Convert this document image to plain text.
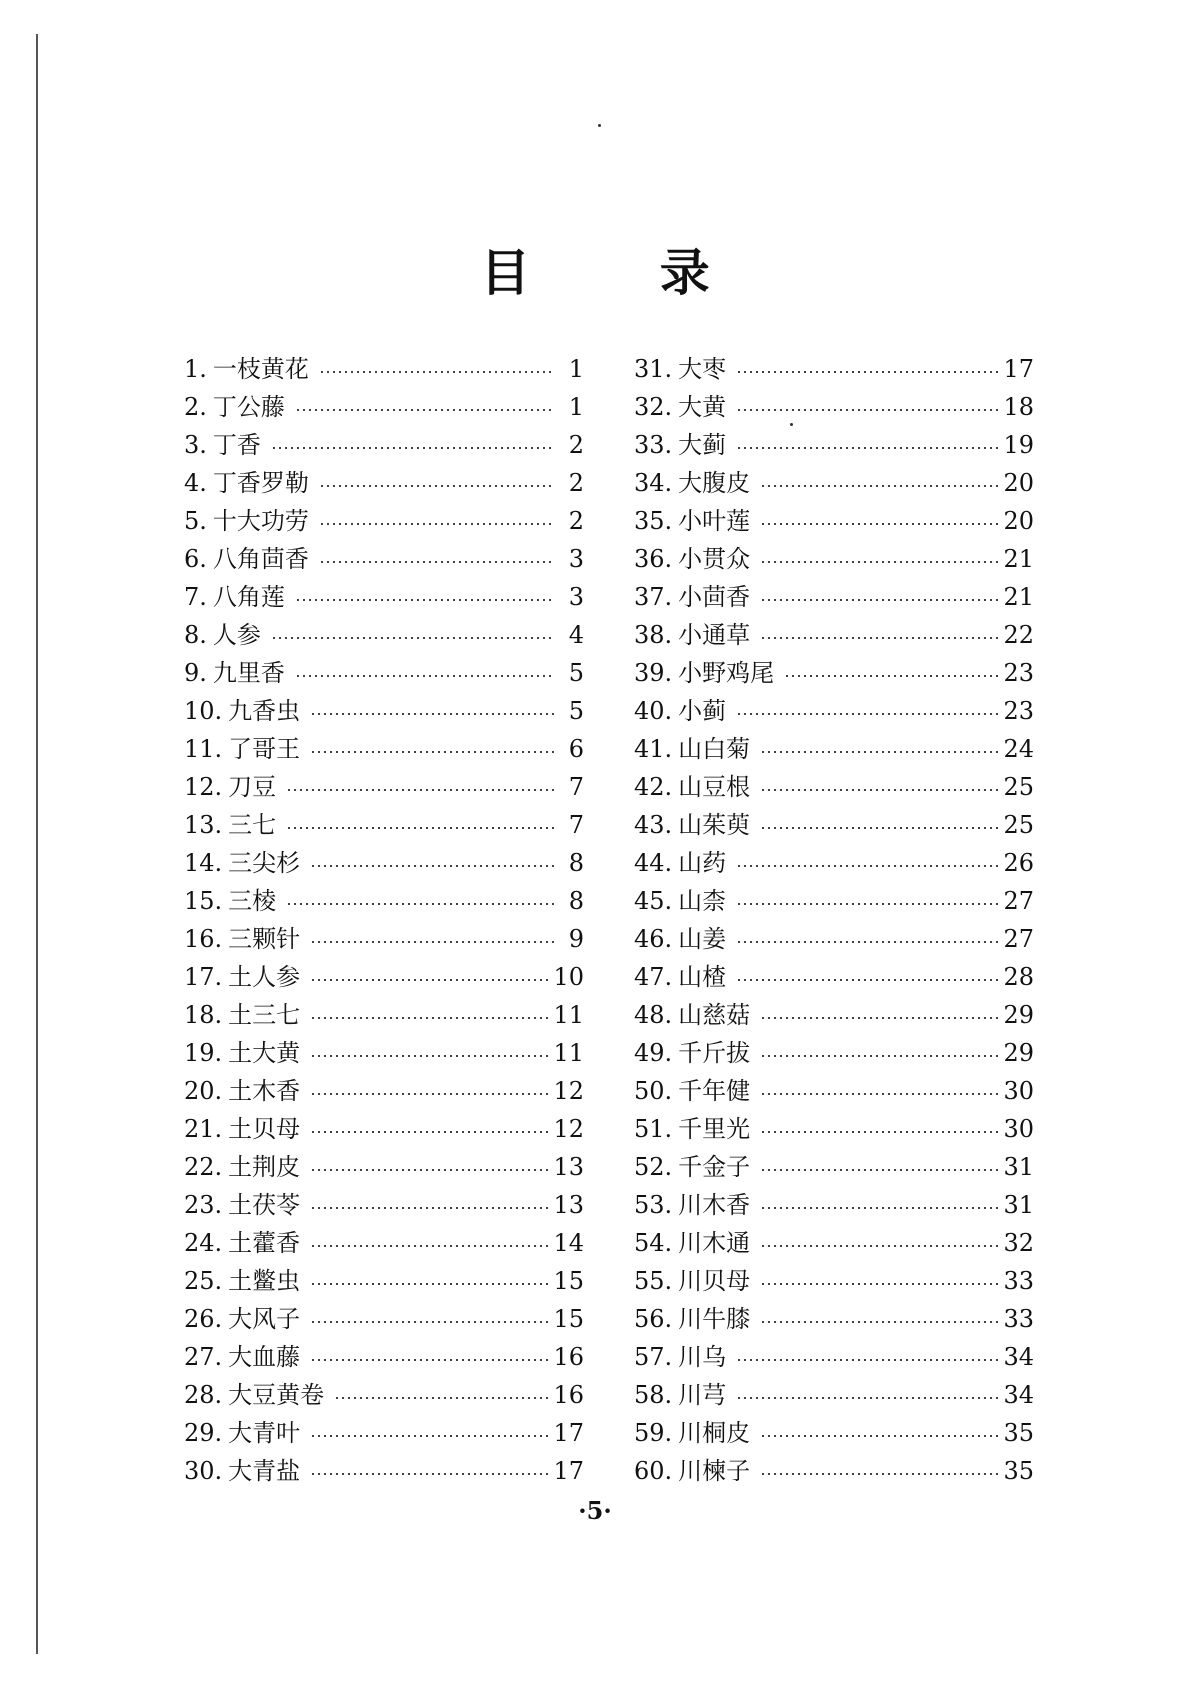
目 录
1. 一枝黄花	1
2. 丁公藤	1
3. 丁香	2
4. 丁香罗勒	2
5. 十大功劳	2
6. 八角茴香	3
7. 八角莲	3
8. 人参	4
9. 九里香	5
10. 九香虫	5
11. 了哥王	6
12. 刀豆	7
13. 三七	7
14. 三尖杉	8
15. 三棱	8
16. 三颗针	9
17. 土人参	10
18. 土三七	11
19. 土大黄	11
20. 土木香	12
21. 土贝母	12
22. 土荆皮	13
23. 土茯苓	13
24. 土藿香	14
25. 土鳖虫	15
26. 大风子	15
27. 大血藤	16
28. 大豆黄卷	16
29. 大青叶	17
30. 大青盐	17
31. 大枣	17
32. 大黄	18
33. 大蓟	19
34. 大腹皮	20
35. 小叶莲	20
36. 小贯众	21
37. 小茴香	21
38. 小通草	22
39. 小野鸡尾	23
40. 小蓟	23
41. 山白菊	24
42. 山豆根	25
43. 山茱萸	25
44. 山药	26
45. 山柰	27
46. 山姜	27
47. 山楂	28
48. 山慈菇	29
49. 千斤拔	29
50. 千年健	30
51. 千里光	30
52. 千金子	31
53. 川木香	31
54. 川木通	32
55. 川贝母	33
56. 川牛膝	33
57. 川乌	34
58. 川芎	34
59. 川桐皮	35
60. 川楝子	35
·5·
